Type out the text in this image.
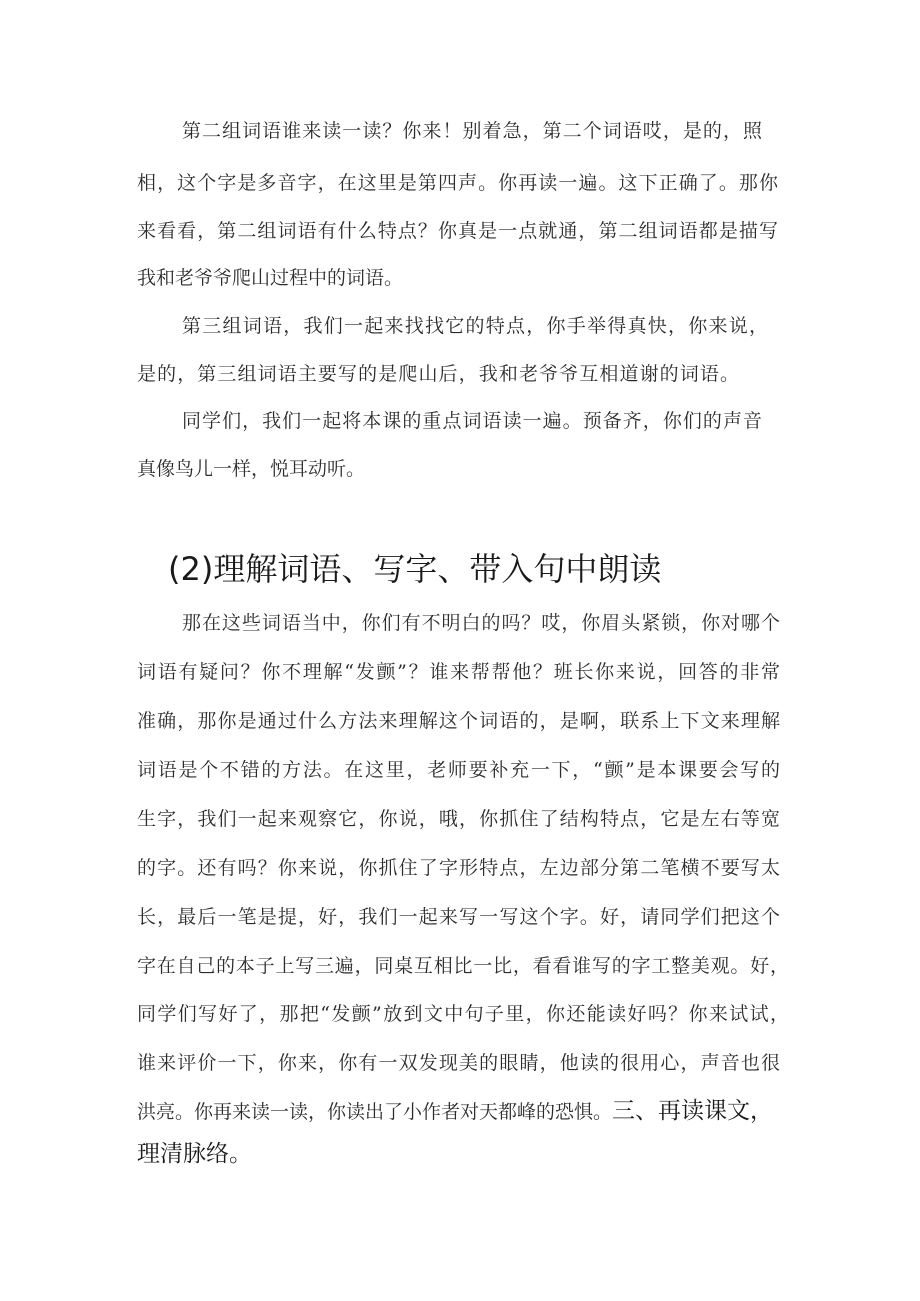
第二组词语谁来读一读？你来！别着急，第二个词语哎，是的，照
相，这个字是多音字，在这里是第四声。你再读一遍。这下正确了。那你
来看看，第二组词语有什么特点？你真是一点就通，第二组词语都是描写
我和老爷爷爬山过程中的词语。
第三组词语，我们一起来找找它的特点，你手举得真快，你来说，
是的，第三组词语主要写的是爬山后，我和老爷爷互相道谢的词语。
同学们，我们一起将本课的重点词语读一遍。预备齐，你们的声音
真像鸟儿一样，悦耳动听。
(2)理解词语、写字、带入句中朗读
那在这些词语当中，你们有不明白的吗？哎，你眉头紧锁，你对哪个
词语有疑问？你不理解“发颤”？谁来帮帮他？班长你来说，回答的非常
准确，那你是通过什么方法来理解这个词语的，是啊，联系上下文来理解
词语是个不错的方法。在这里，老师要补充一下，“颤”是本课要会写的
生字，我们一起来观察它，你说，哦，你抓住了结构特点，它是左右等宽
的字。还有吗？你来说，你抓住了字形特点，左边部分第二笔横不要写太
长，最后一笔是提，好，我们一起来写一写这个字。好，请同学们把这个
字在自己的本子上写三遍，同桌互相比一比，看看谁写的字工整美观。好，
同学们写好了，那把“发颤”放到文中句子里，你还能读好吗？你来试试，
谁来评价一下，你来，你有一双发现美的眼睛，他读的很用心，声音也很
洪亮。你再来读一读，你读出了小作者对天都峰的恐惧。三、再读课文，
理清脉络。
